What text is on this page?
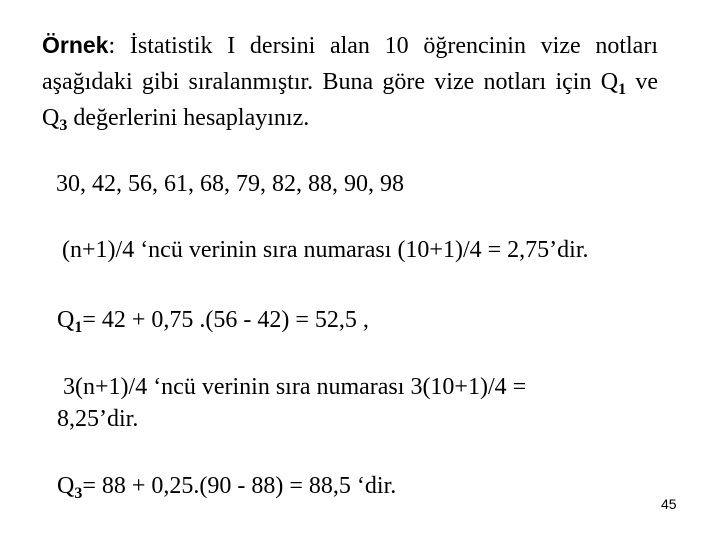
Örnek: İstatistik I dersini alan 10 öğrencinin vize notları aşağıdaki gibi sıralanmıştır. Buna göre vize notları için $Q_1$ ve $Q_3$ değerlerini hesaplayınız.
30, 42, 56, 61, 68, 79, 82, 88, 90, 98
(n+1)/4 ‘ncü verinin sıra numarası (10+1)/4 = 2,75’dir.
$Q_1= 42 + 0,75$ .(56 - 42) = 52,5 ,
3(n+1)/4 ‘ncü verinin sıra numarası 3(10+1)/4 =
8,25’dir.
$Q_3= 88 + 0,25.(90 - 88) = 88,5$ ‘dir.
45
